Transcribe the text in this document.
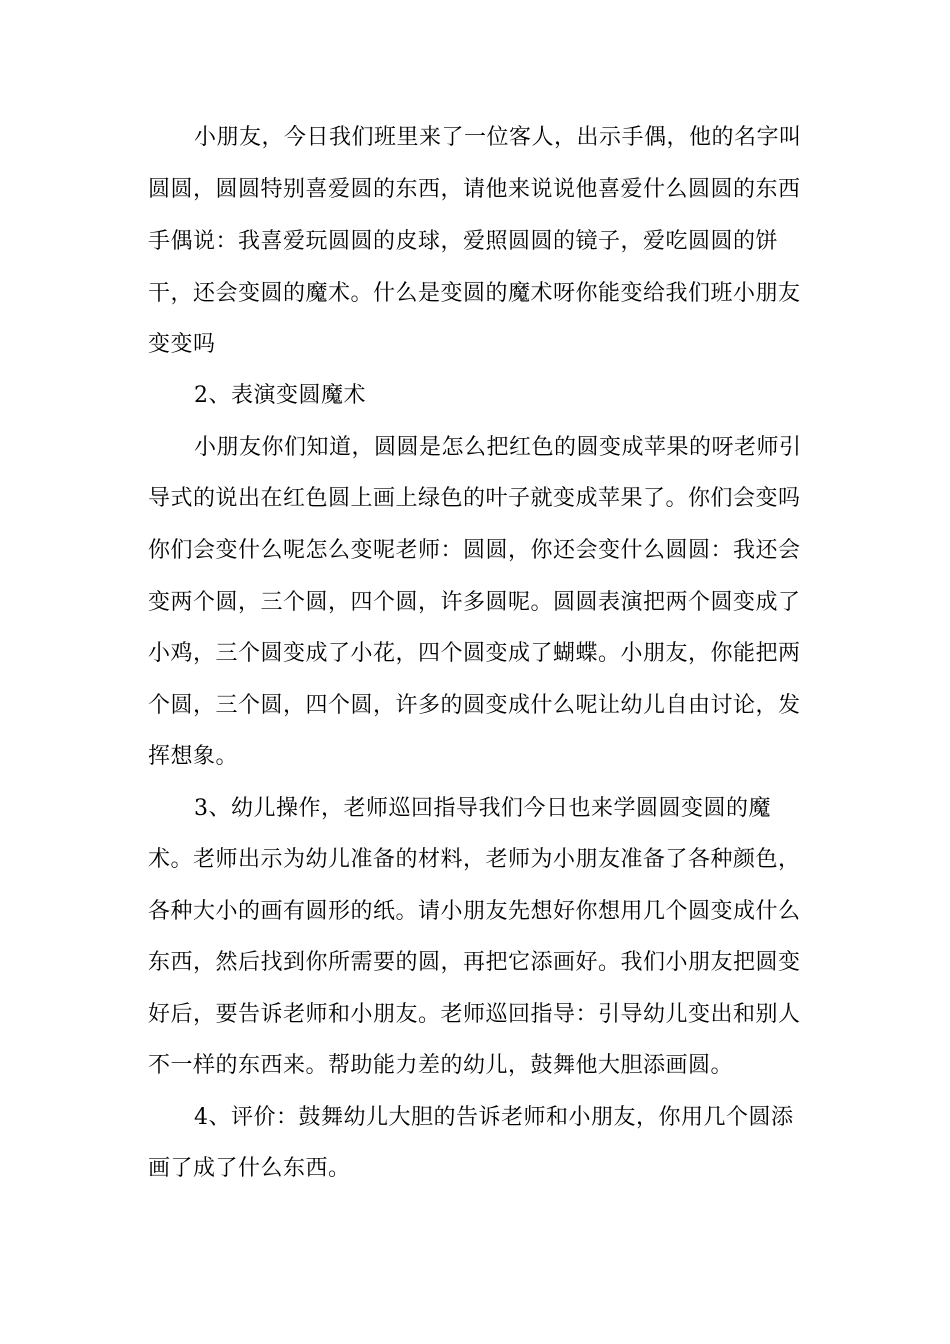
小朋友，今日我们班里来了一位客人，出示手偶，他的名字叫
圆圆，圆圆特别喜爱圆的东西，请他来说说他喜爱什么圆圆的东西
手偶说：我喜爱玩圆圆的皮球，爱照圆圆的镜子，爱吃圆圆的饼
干，还会变圆的魔术。什么是变圆的魔术呀你能变给我们班小朋友
变变吗
2、表演变圆魔术
小朋友你们知道，圆圆是怎么把红色的圆变成苹果的呀老师引
导式的说出在红色圆上画上绿色的叶子就变成苹果了。你们会变吗
你们会变什么呢怎么变呢老师：圆圆，你还会变什么圆圆：我还会
变两个圆，三个圆，四个圆，许多圆呢。圆圆表演把两个圆变成了
小鸡，三个圆变成了小花，四个圆变成了蝴蝶。小朋友，你能把两
个圆，三个圆，四个圆，许多的圆变成什么呢让幼儿自由讨论，发
挥想象。
3、幼儿操作，老师巡回指导我们今日也来学圆圆变圆的魔
术。老师出示为幼儿准备的材料，老师为小朋友准备了各种颜色，
各种大小的画有圆形的纸。请小朋友先想好你想用几个圆变成什么
东西，然后找到你所需要的圆，再把它添画好。我们小朋友把圆变
好后，要告诉老师和小朋友。老师巡回指导：引导幼儿变出和别人
不一样的东西来。帮助能力差的幼儿，鼓舞他大胆添画圆。
4、评价：鼓舞幼儿大胆的告诉老师和小朋友，你用几个圆添
画了成了什么东西。
